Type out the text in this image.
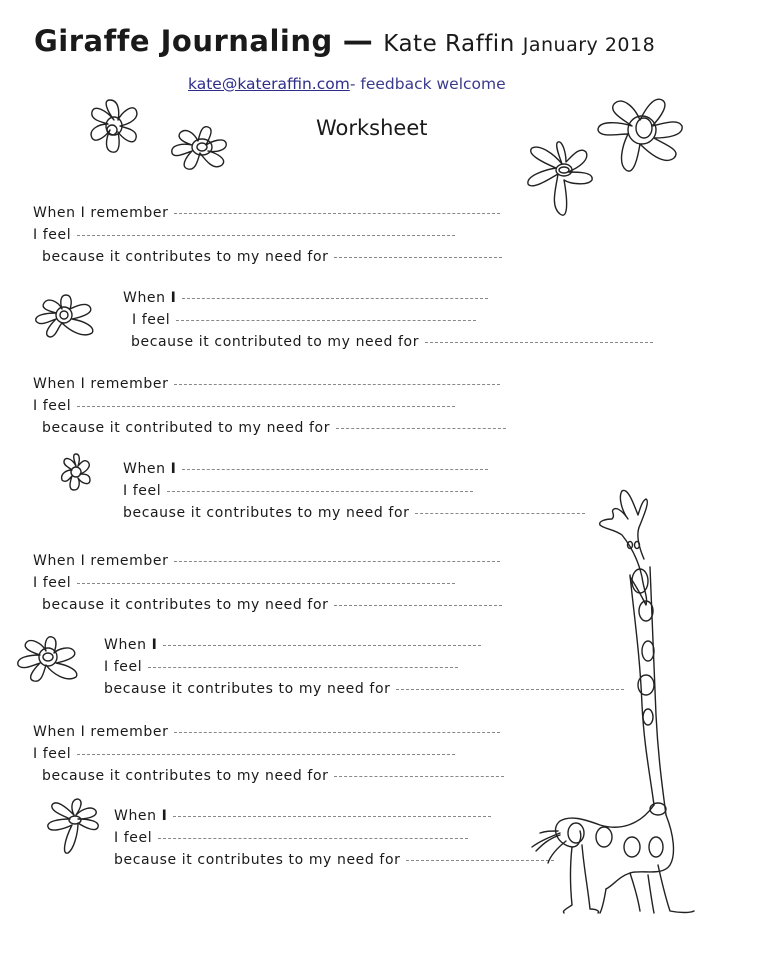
Giraffe Journaling — Kate Raffin January 2018
kate@kateraffin.com- feedback welcome
Worksheet
When I remember
I feel
because it contributes to my need for
When I
I feel
because it contributed to my need for
When I remember
I feel
because it contributed to my need for
When I
I feel
because it contributes to my need for
When I remember
I feel
because it contributes to my need for
When I
I feel
because it contributes to my need for
When I remember
I feel
because it contributes to my need for
When I
I feel
because it contributes to my need for
